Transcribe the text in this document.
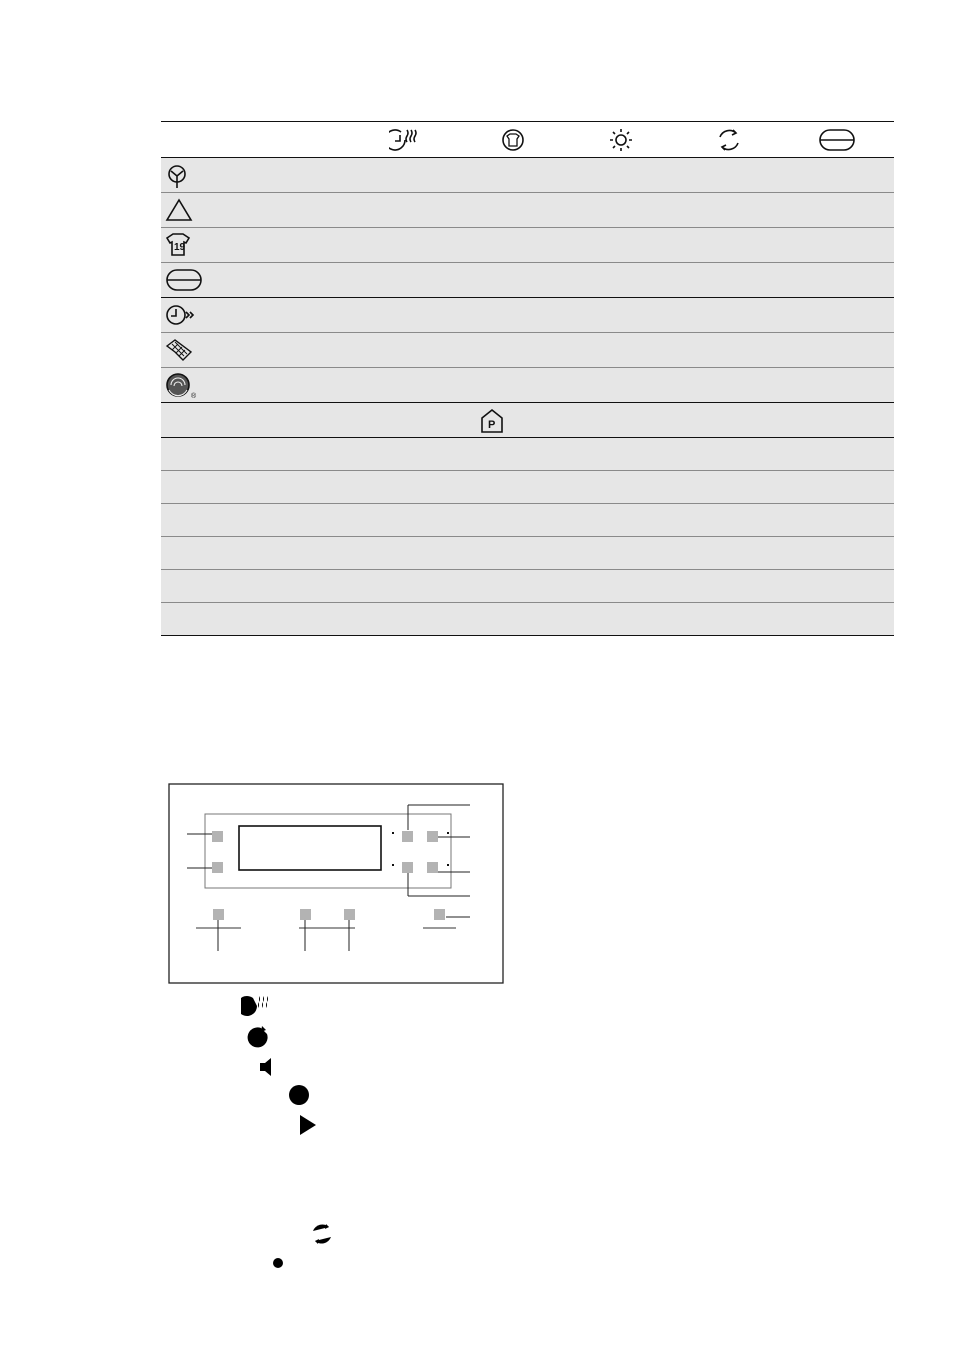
19
®
P
